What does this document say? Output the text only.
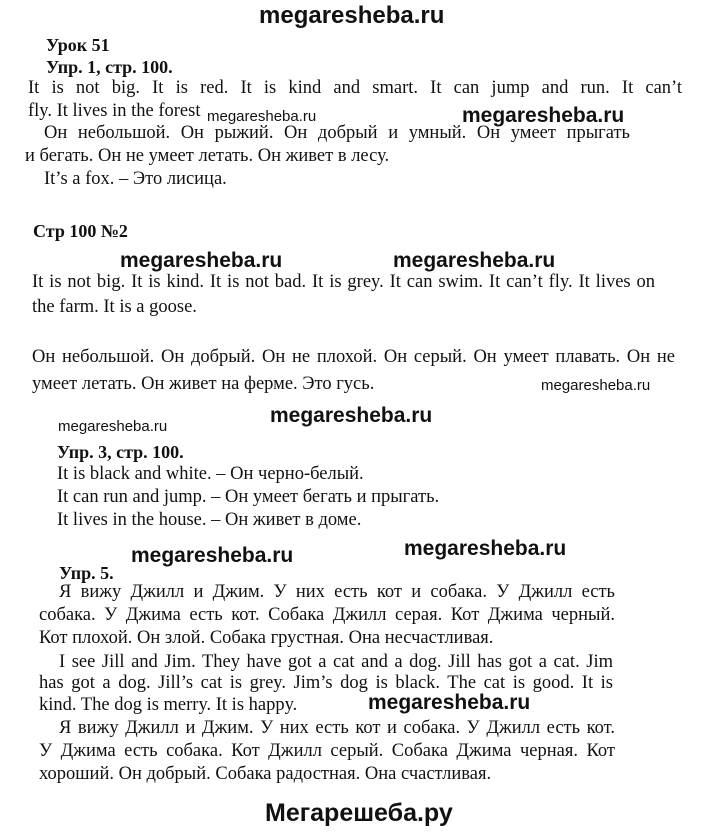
megaresheba.ru
Урок 51
Упр. 1, стр. 100.
It is not big. It is red. It is kind and smart. It can jump and run. It can’t
fly. It lives in the forest megaresheba.ru	megaresheba.ru
Он небольшой. Он рыжий. Он добрый и умный. Он умеет прыгать
и бегать. Он не умеет летать. Он живет в лесу.
It’s a fox. – Это лисица.
Стр 100 №2
megaresheba.ru	megaresheba.ru
It is not big. It is kind. It is not bad. It is grey. It can swim. It can’t fly. It lives on
the farm. It is a goose.
Он небольшой. Он добрый. Он не плохой. Он серый. Он умеет плавать. Он не
умеет летать. Он живет на ферме. Это гусь.	megaresheba.ru
megaresheba.ru	megaresheba.ru
Упр. 3, стр. 100.
It is black and white. – Он черно-белый.
It can run and jump. – Он умеет бегать и прыгать.
It lives in the house. – Он живет в доме.
Упр. 5.
megaresheba.ru	megaresheba.ru
Я вижу Джилл и Джим. У них есть кот и собака. У Джилл есть
собака. У Джима есть кот. Собака Джилл серая. Кот Джима черный.
Кот плохой. Он злой. Собака грустная. Она несчастливая.
I see Jill and Jim. They have got a cat and a dog. Jill has got a cat. Jim
has got a dog. Jill’s cat is grey. Jim’s dog is black. The cat is good. It is
kind. The dog is merry. It is happy.	megaresheba.ru
Я вижу Джилл и Джим. У них есть кот и собака. У Джилл есть кот.
У Джима есть собака. Кот Джилл серый. Собака Джима черная. Кот
хороший. Он добрый. Собака радостная. Она счастливая.
Мегарешеба.ру
